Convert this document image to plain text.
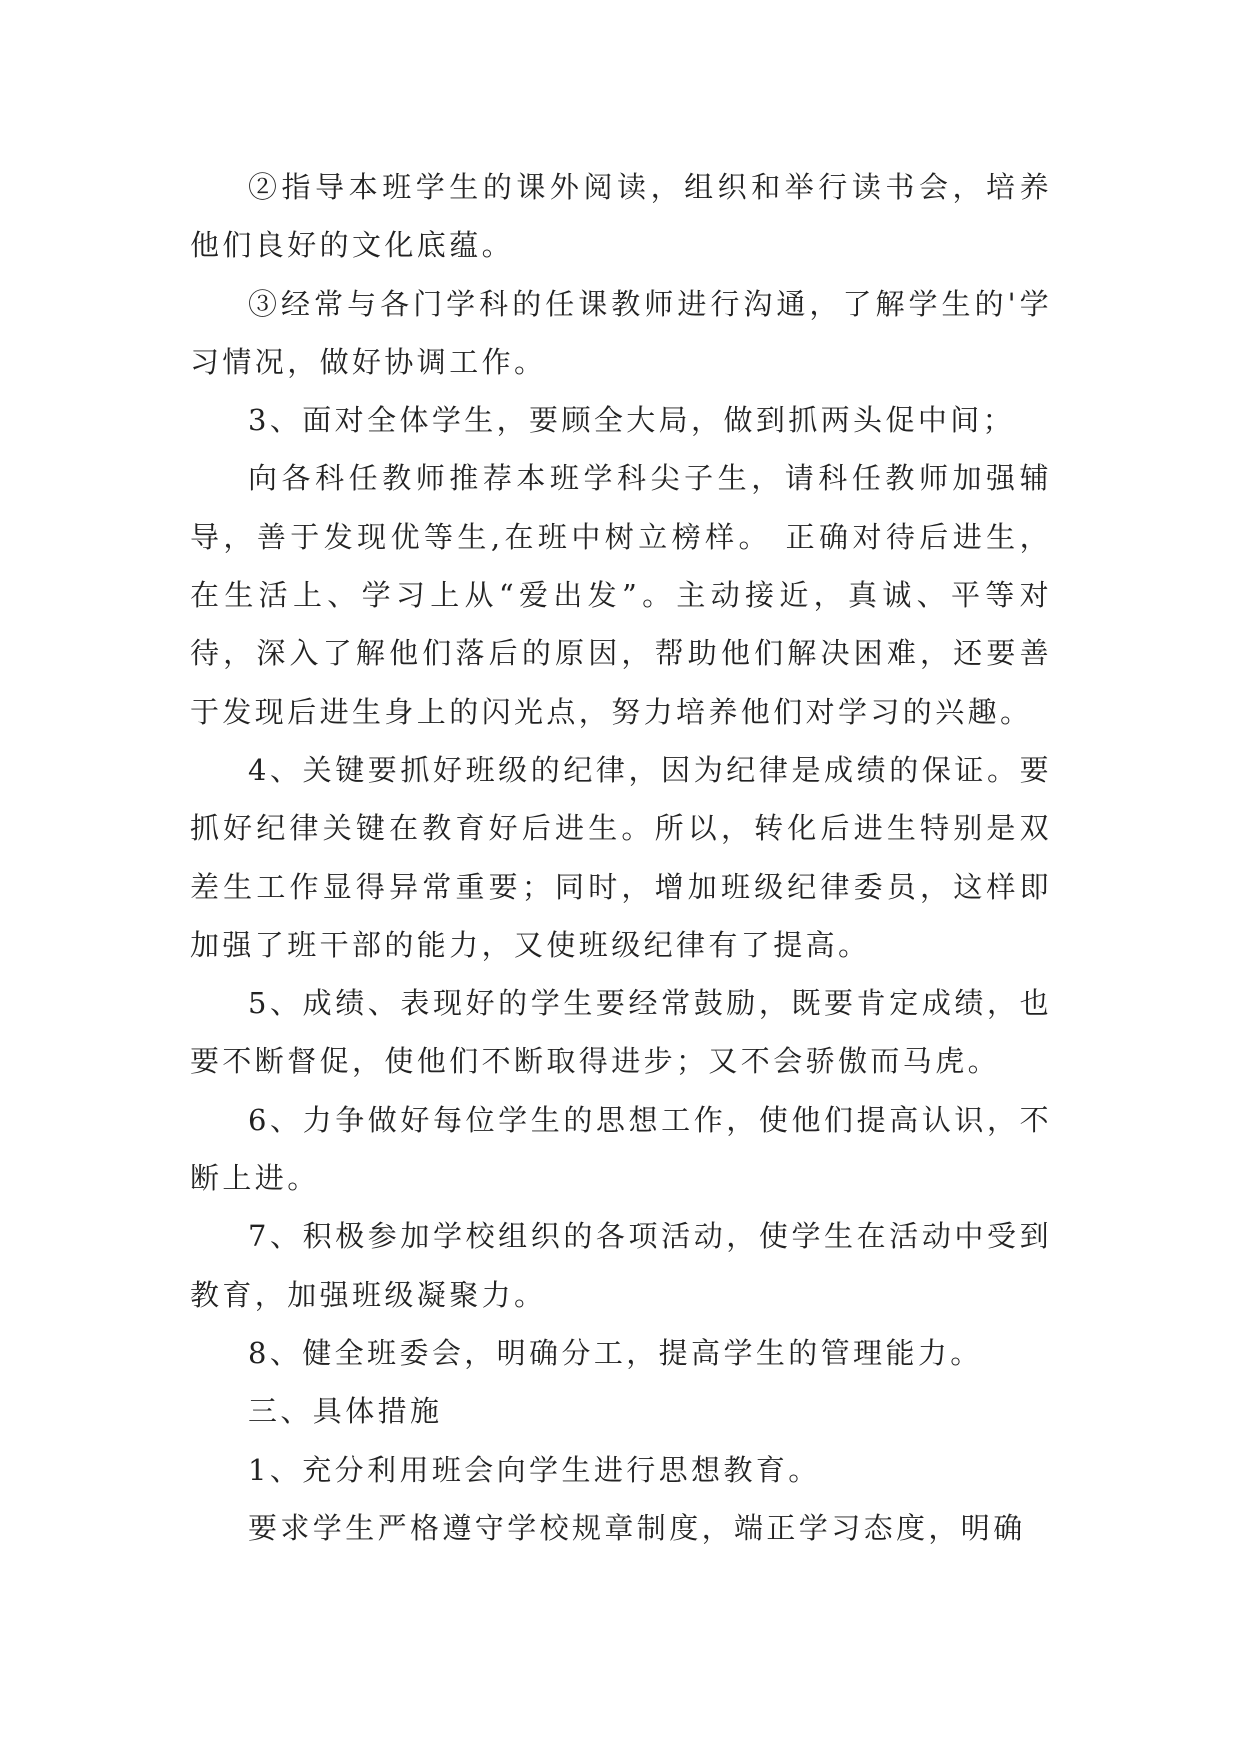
②指导本班学生的课外阅读，组织和举行读书会，培养他们良好的文化底蕴。

③经常与各门学科的任课教师进行沟通，了解学生的'学习情况，做好协调工作。

3、面对全体学生，要顾全大局，做到抓两头促中间；

向各科任教师推荐本班学科尖子生，请科任教师加强辅导，善于发现优等生,在班中树立榜样。 正确对待后进生，在生活上、学习上从“爱出发”。主动接近，真诚、平等对待，深入了解他们落后的原因，帮助他们解决困难，还要善于发现后进生身上的闪光点，努力培养他们对学习的兴趣。

4、关键要抓好班级的纪律，因为纪律是成绩的保证。要抓好纪律关键在教育好后进生。所以，转化后进生特别是双差生工作显得异常重要；同时，增加班级纪律委员，这样即加强了班干部的能力，又使班级纪律有了提高。

5、成绩、表现好的学生要经常鼓励，既要肯定成绩，也要不断督促，使他们不断取得进步；又不会骄傲而马虎。

6、力争做好每位学生的思想工作，使他们提高认识，不断上进。

7、积极参加学校组织的各项活动，使学生在活动中受到教育，加强班级凝聚力。

8、健全班委会，明确分工，提高学生的管理能力。

三、具体措施

1、充分利用班会向学生进行思想教育。

要求学生严格遵守学校规章制度，端正学习态度，明确
